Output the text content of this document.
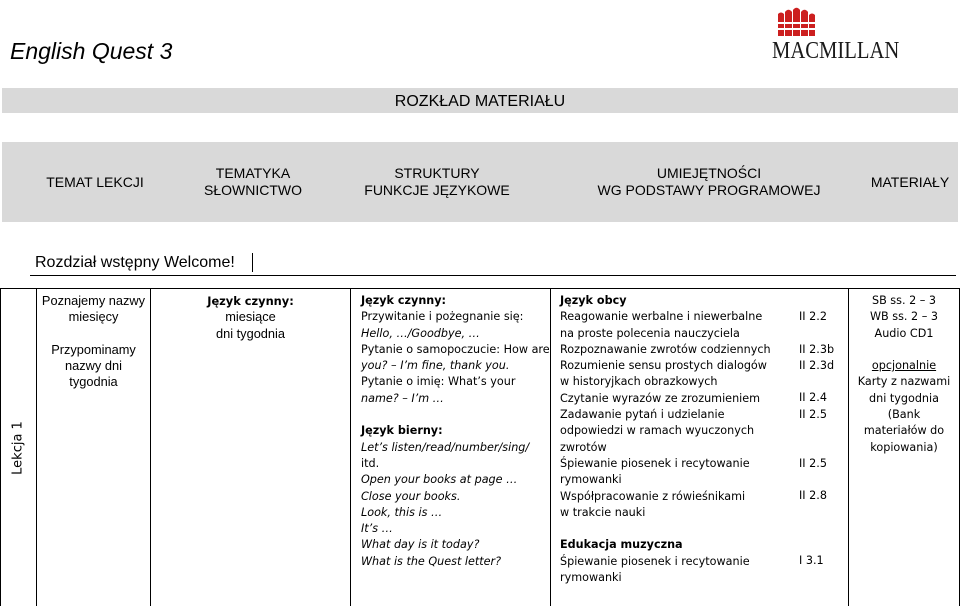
English Quest 3	MACMILLAN
ROZKŁAD MATERIAŁU
TEMAT LEKCJI
TEMATYKA
SŁOWNICTWO
STRUKTURY
FUNKCJE JĘZYKOWE
UMIEJĘTNOŚCI
WG PODSTAWY PROGRAMOWEJ
MATERIAŁY
Rozdział wstępny Welcome!
Lekcja 1
Poznajemy nazwy
miesięcy
Przypominamy
nazwy dni
tygodnia
Język czynny:
miesiące
dni tygodnia
Język czynny:
Przywitanie i pożegnanie się:
Hello, …/Goodbye, …
Pytanie o samopoczucie: How are
you? – I’m fine, thank you.
Pytanie o imię: What’s your
name? – I’m …
Język bierny:
Let’s listen/read/number/sing/
itd.
Open your books at page …
Close your books.
Look, this is …
It’s …
What day is it today?
What is the Quest letter?
Język obcy
Reagowanie werbalne i niewerbalne
na proste polecenia nauczyciela
Rozpoznawanie zwrotów codziennych
Rozumienie sensu prostych dialogów
w historyjkach obrazkowych
Czytanie wyrazów ze zrozumieniem
Zadawanie pytań i udzielanie
odpowiedzi w ramach wyuczonych
zwrotów
Śpiewanie piosenek i recytowanie
rymowanki
Współpracowanie z rówieśnikami
w trakcie nauki
Edukacja muzyczna
Śpiewanie piosenek i recytowanie
rymowanki
II 2.2
II 2.3b
II 2.3d
II 2.4
II 2.5
II 2.5
II 2.8
I 3.1
SB ss. 2 – 3
WB ss. 2 – 3
Audio CD1
opcjonalnie
Karty z nazwami
dni tygodnia
(Bank
materiałów do
kopiowania)
